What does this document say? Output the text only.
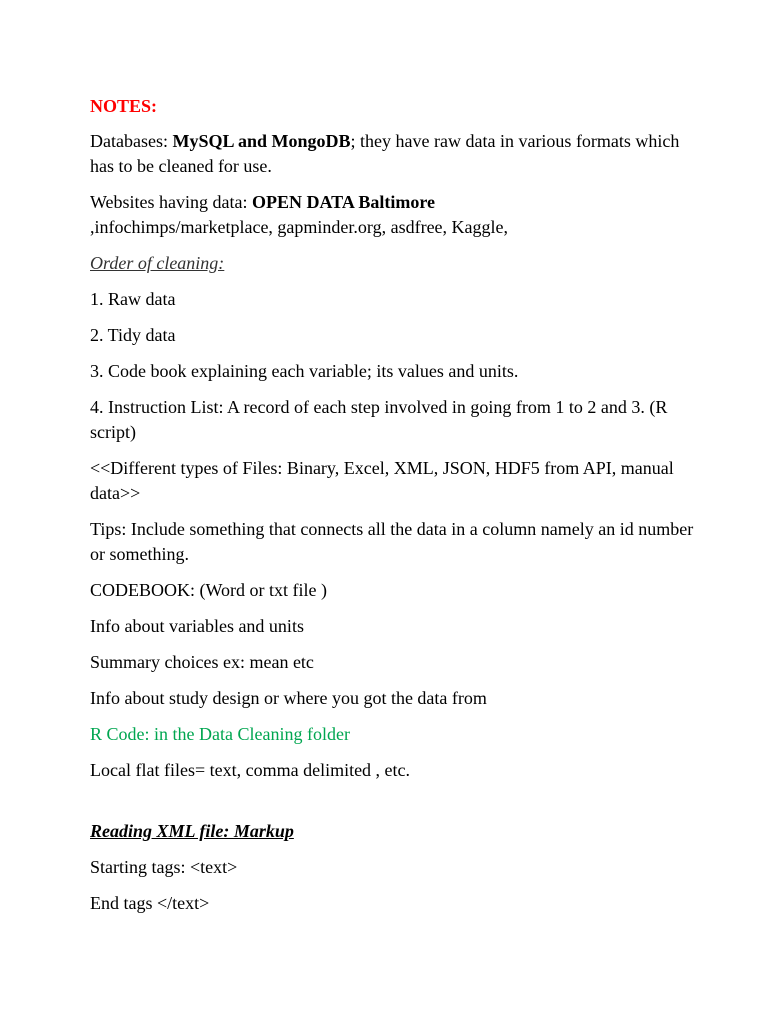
NOTES:

Databases: MySQL and MongoDB; they have raw data in various formats which has to be cleaned for use.

Websites having data: OPEN DATA Baltimore
,infochimps/marketplace, gapminder.org, asdfree, Kaggle,

Order of cleaning:

1. Raw data

2. Tidy data

3. Code book explaining each variable; its values and units.

4. Instruction List: A record of each step involved in going from 1 to 2 and 3. (R script)

<<Different types of Files: Binary, Excel, XML, JSON, HDF5 from API, manual data>>

Tips: Include something that connects all the data in a column namely an id number or something.

CODEBOOK: (Word or txt file )

Info about variables and units

Summary choices ex: mean etc

Info about study design or where you got the data from

R Code: in the Data Cleaning folder

Local flat files= text, comma delimited , etc.

Reading XML file: Markup

Starting tags: <text>

End tags </text>
